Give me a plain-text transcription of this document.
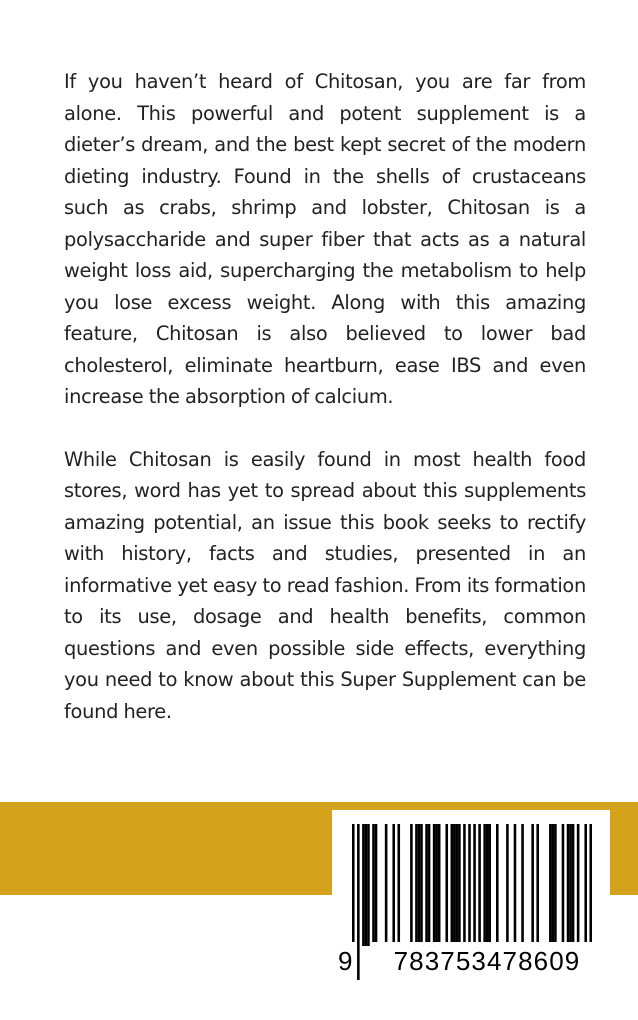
If you haven’t heard of Chitosan, you are far from alone. This powerful and potent supplement is a dieter’s dream, and the best kept secret of the modern dieting industry. Found in the shells of crustaceans such as crabs, shrimp and lobster, Chitosan is a polysaccharide and super fiber that acts as a natural weight loss aid, supercharging the metabolism to help you lose excess weight. Along with this amazing feature, Chitosan is also believed to lower bad cholesterol, eliminate heartburn, ease IBS and even increase the absorption of calcium.

While Chitosan is easily found in most health food stores, word has yet to spread about this supplements amazing potential, an issue this book seeks to rectify with history, facts and studies, presented in an informative yet easy to read fashion. From its formation to its use, dosage and health benefits, common questions and even possible side effects, everything you need to know about this Super Supplement can be found here.

9	783753478609
